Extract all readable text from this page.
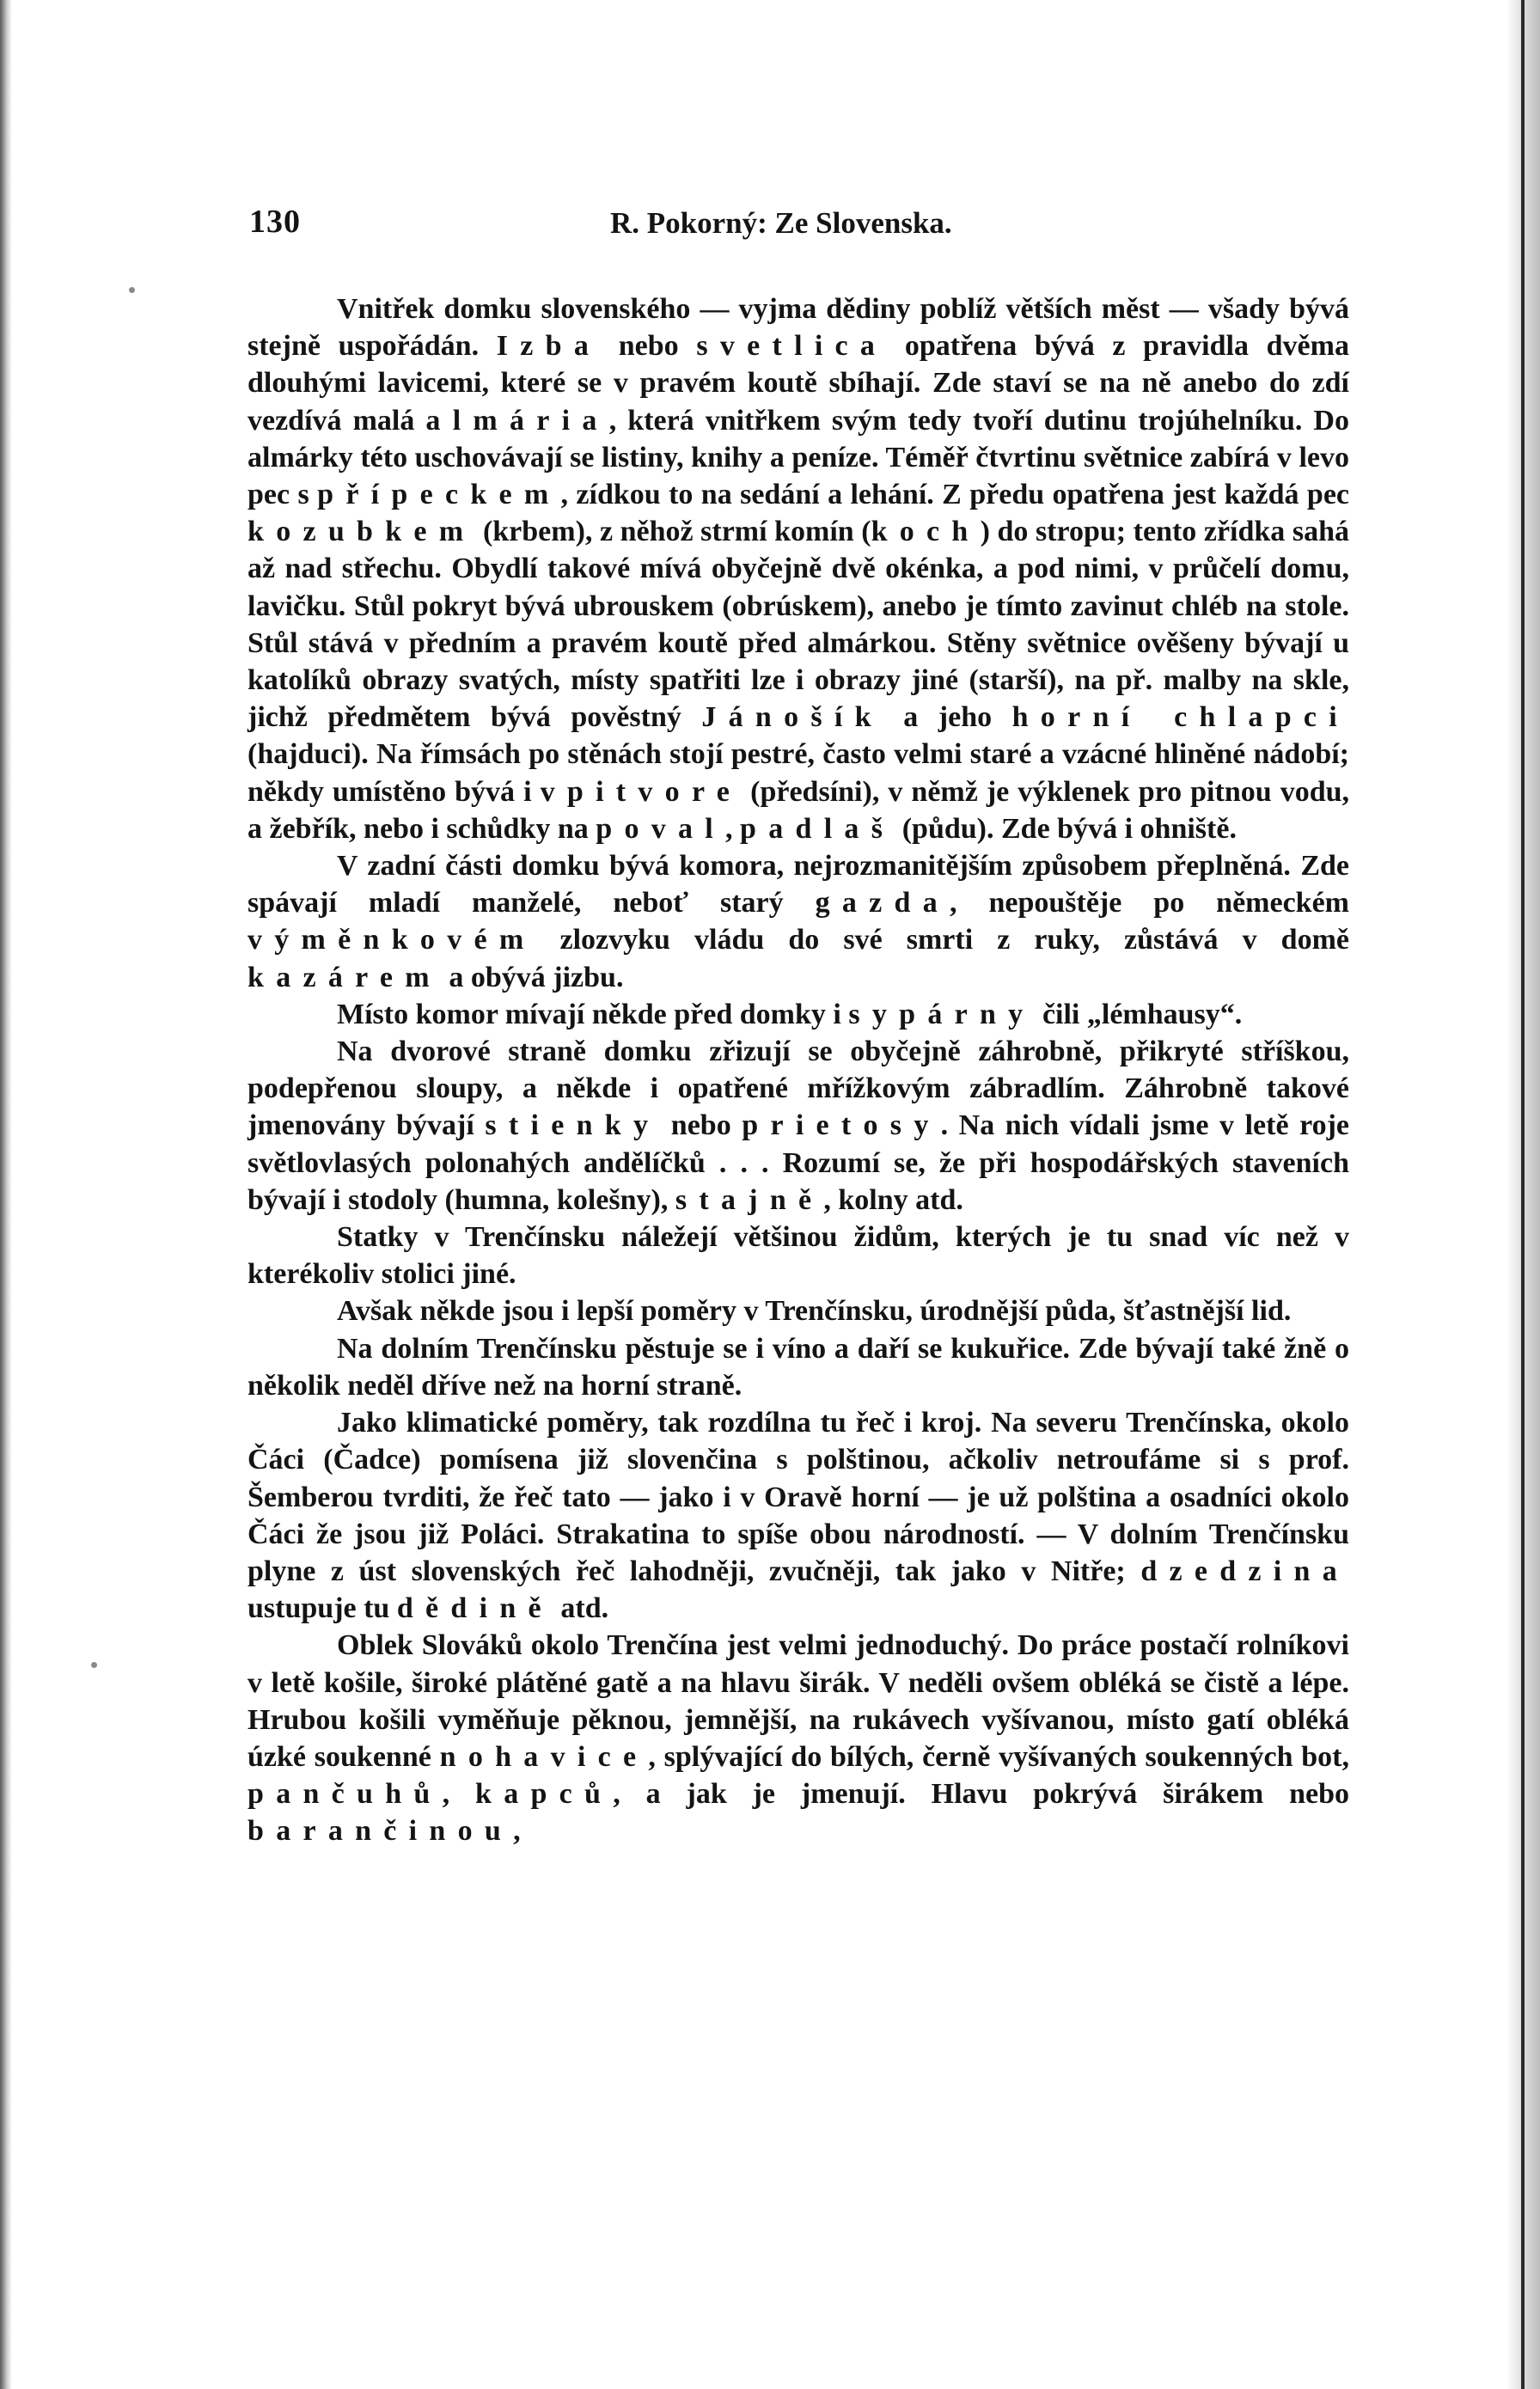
130	R. Pokorný: Ze Slovenska.

Vnitřek domku slovenského — vyjma dědiny poblíž větších měst — všady bývá stejně uspořádán. Izba nebo svetlica opatřena bývá z pravidla dvěma dlouhými lavicemi, které se v pravém koutě sbíhají. Zde staví se na ně anebo do zdí vezdívá malá almária, která vnitřkem svým tedy tvoří dutinu trojúhelníku. Do almárky této uschovávají se listiny, knihy a peníze. Téměř čtvrtinu světnice zabírá v levo pec s přípeckem, zídkou to na sedání a lehání. Z předu opatřena jest každá pec kozubkem (krbem), z něhož strmí komín (koch) do stropu; tento zřídka sahá až nad střechu. Obydlí takové mívá obyčejně dvě okénka, a pod nimi, v průčelí domu, lavičku. Stůl pokryt bývá ubrouskem (obrúskem), anebo je tímto zavinut chléb na stole. Stůl stává v předním a pravém koutě před almárkou. Stěny světnice ověšeny bývají u katolíků obrazy svatých, místy spatřiti lze i obrazy jiné (starší), na př. malby na skle, jichž předmětem bývá pověstný Jánošík a jeho horní chlapci (hajduci). Na římsách po stěnách stojí pestré, často velmi staré a vzácné hliněné nádobí; někdy umístěno bývá i vpitvore (předsíni), v němž je výklenek pro pitnou vodu, a žebřík, nebo i schůdky na poval, padlaš (půdu). Zde bývá i ohniště.

V zadní části domku bývá komora, nejrozmanitějším způsobem přeplněná. Zde spávají mladí manželé, neboť starý gazda, nepouštěje po německém výměnkovém zlozvyku vládu do své smrti z ruky, zůstává v domě kazárem a obývá jizbu.

Místo komor mívají někde před domky i sypárny čili „lémhausy“.

Na dvorové straně domku zřizují se obyčejně záhrobně, přikryté stříškou, podepřenou sloupy, a někde i opatřené mřížkovým zábradlím. Záhrobně takové jmenovány bývají stienky nebo prietosy. Na nich vídali jsme v letě roje světlovlasých polonahých andělíčků . . . Rozumí se, že při hospodářských staveních bývají i stodoly (humna, kolešny), stajně, kolny atd.

Statky v Trenčínsku náležejí většinou židům, kterých je tu snad víc než v kterékoliv stolici jiné.

Avšak někde jsou i lepší poměry v Trenčínsku, úrodnější půda, šťastnější lid.

Na dolním Trenčínsku pěstuje se i víno a daří se kukuřice. Zde bývají také žně o několik neděl dříve než na horní straně.

Jako klimatické poměry, tak rozdílna tu řeč i kroj. Na severu Trenčínska, okolo Čáci (Čadce) pomísena již slovenčina s polštinou, ačkoliv netroufáme si s prof. Šemberou tvrditi, že řeč tato — jako i v Oravě horní — je už polština a osadníci okolo Čáci že jsou již Poláci. Strakatina to spíše obou národností. — V dolním Trenčínsku plyne z úst slovenských řeč lahodněji, zvučněji, tak jako v Nitře; dzedzina ustupuje tu dědině atd.

Oblek Slováků okolo Trenčína jest velmi jednoduchý. Do práce postačí rolníkovi v letě košile, široké plátěné gatě a na hlavu širák. V neděli ovšem obléká se čistě a lépe. Hrubou košili vyměňuje pěknou, jemnější, na rukávech vyšívanou, místo gatí obléká úzké soukenné nohavice, splývající do bílých, černě vyšívaných soukenných bot, pančuhů, kapců, a jak je jmenují. Hlavu pokrývá širákem nebo barančinou,
